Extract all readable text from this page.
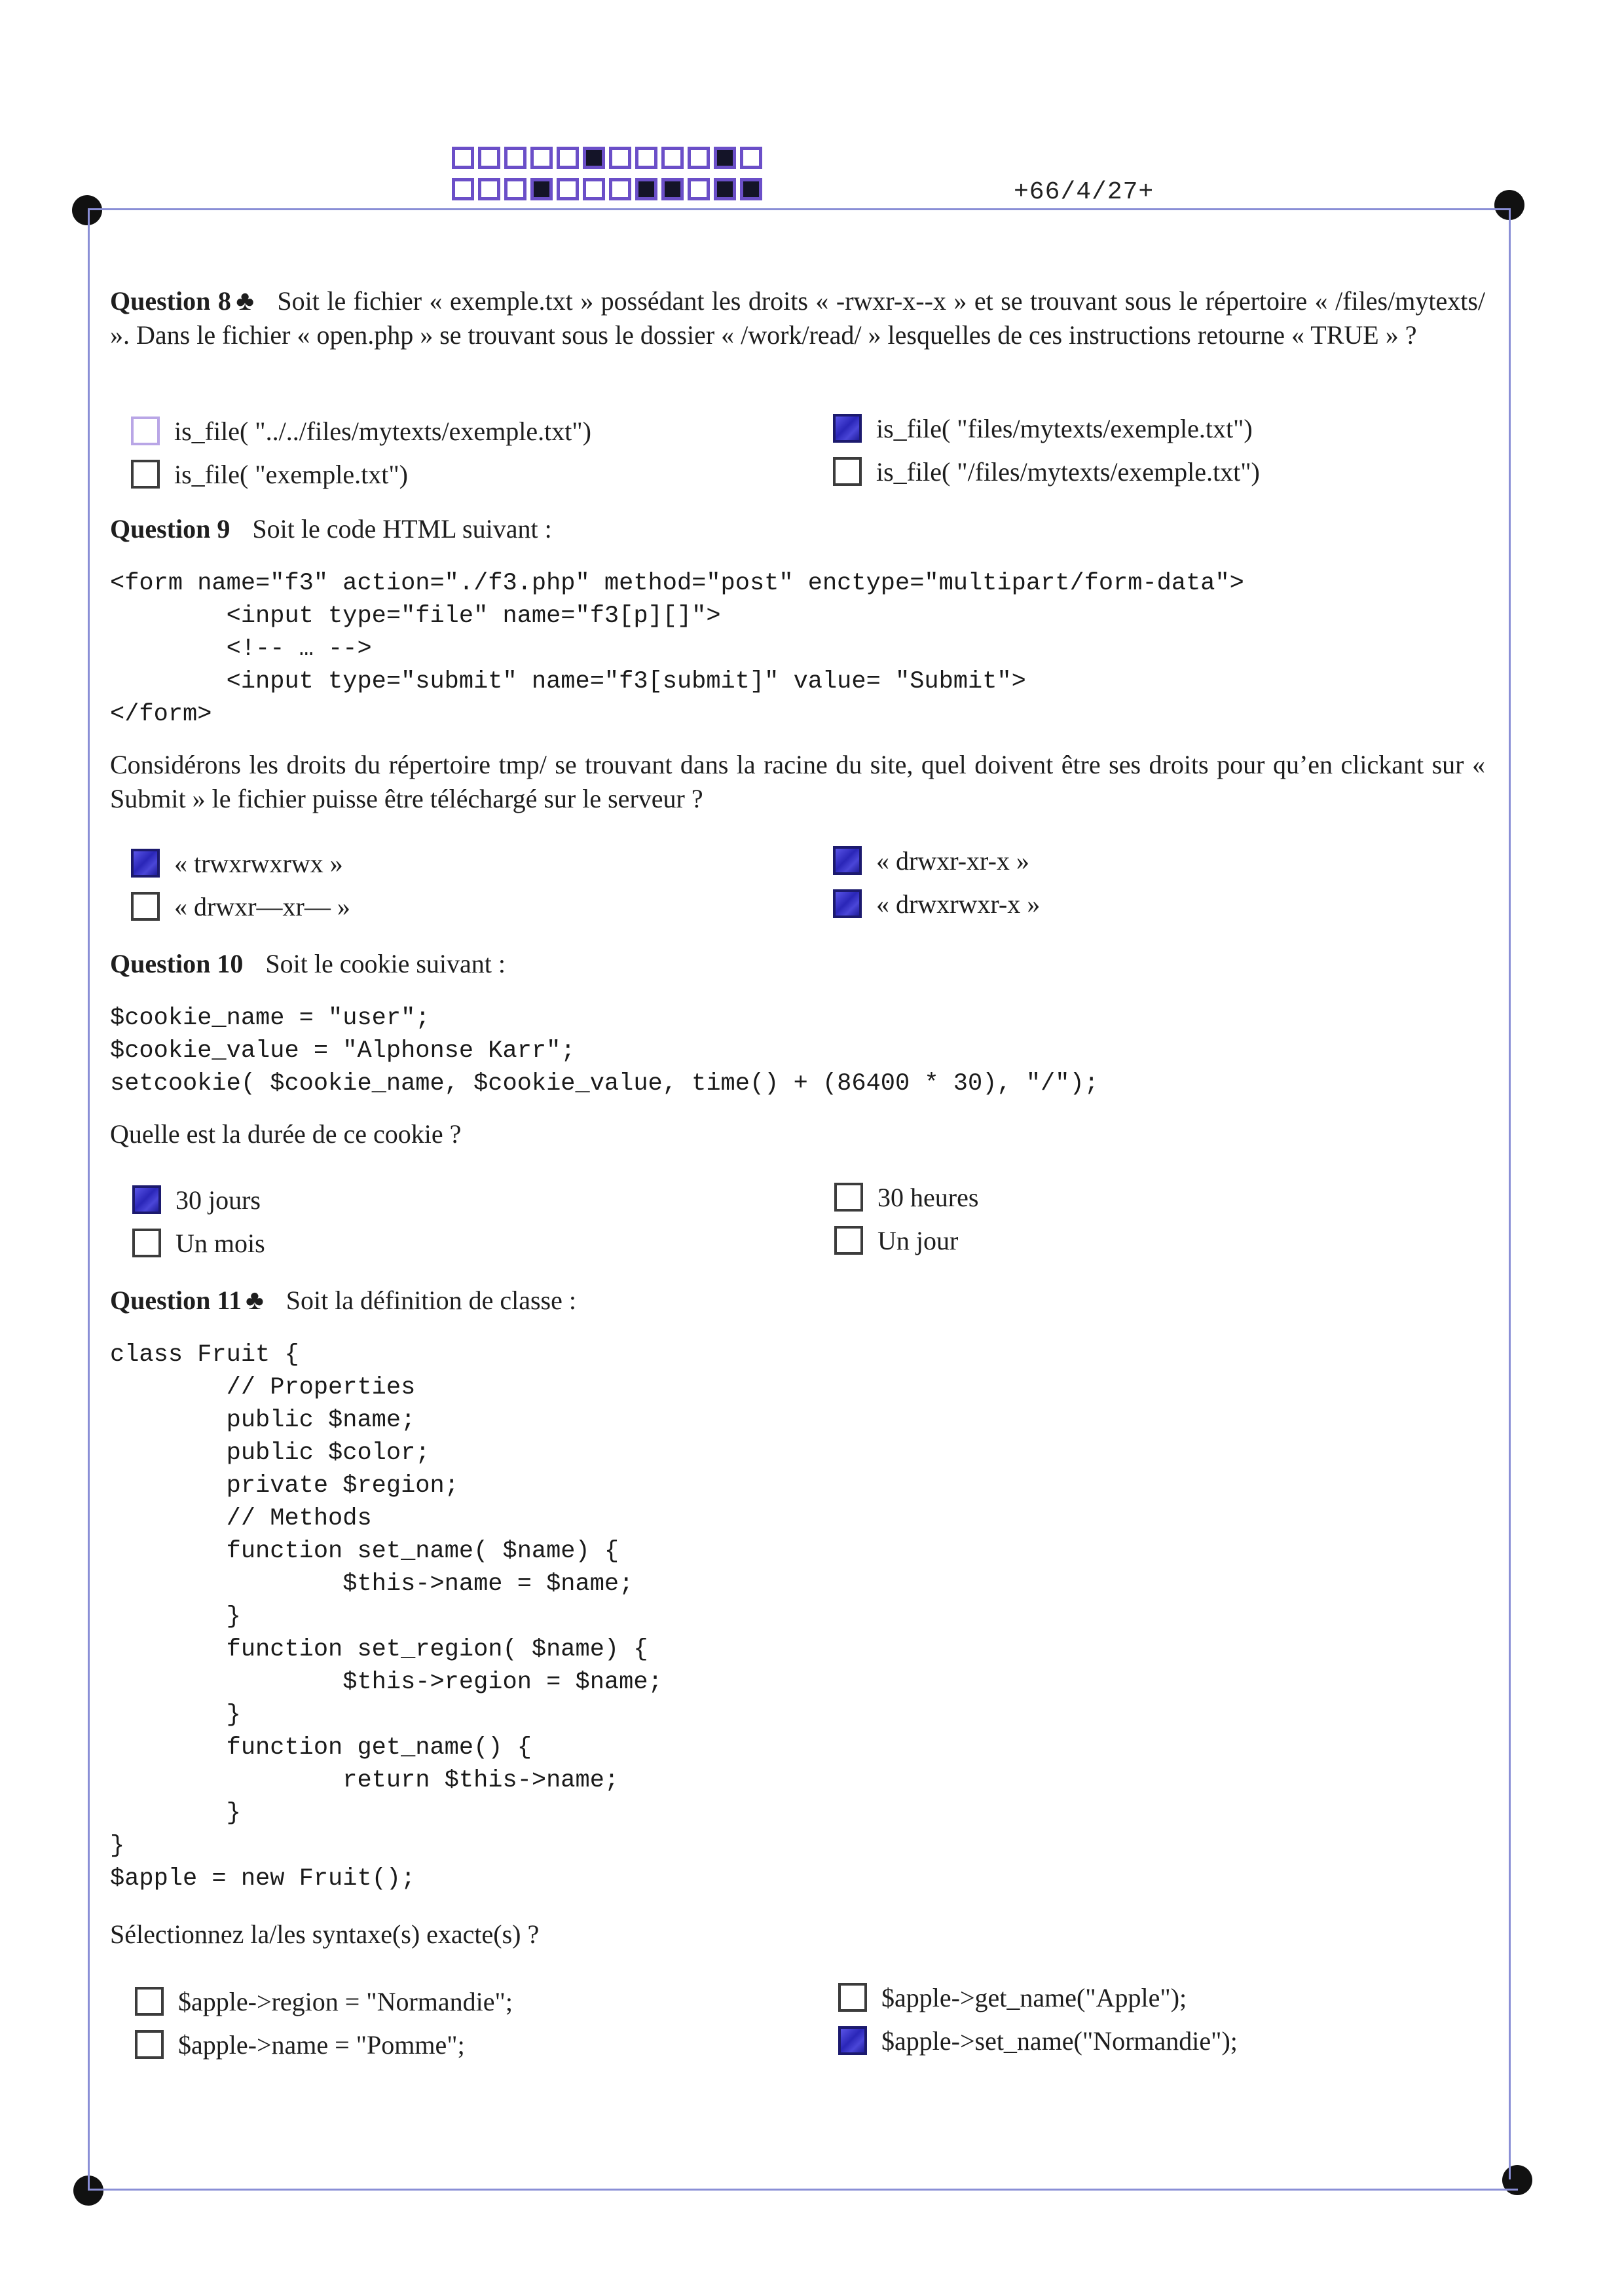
+66/4/27+
Question 8 ♣ Soit le fichier « exemple.txt » possédant les droits « -rwxr-x--x » et se trouvant sous le répertoire « /files/mytexts/ ». Dans le fichier « open.php » se trouvant sous le dossier « /work/read/ » lesquelles de ces instructions retourne « TRUE » ?
is_file( "../../files/mytexts/exemple.txt")	is_file( "files/mytexts/exemple.txt")
is_file( "exemple.txt")	is_file( "/files/mytexts/exemple.txt")
Question 9 Soit le code HTML suivant :
<form name="f3" action="./f3.php" method="post" enctype="multipart/form-data">
<input type="file" name="f3[p][]">
<!-- … -->
<input type="submit" name="f3[submit]" value= "Submit">
</form>
Considérons les droits du répertoire tmp/ se trouvant dans la racine du site, quel doivent être ses droits pour qu’en clickant sur « Submit » le fichier puisse être téléchargé sur le serveur ?
« trwxrwxrwx »	« drwxr-xr-x »
« drwxr—xr— »	« drwxrwxr-x »
Question 10 Soit le cookie suivant :
$cookie_name = "user";
$cookie_value = "Alphonse Karr";
setcookie( $cookie_name, $cookie_value, time() + (86400 * 30), "/");
Quelle est la durée de ce cookie ?
30 jours	30 heures
Un mois	Un jour
Question 11 ♣ Soit la définition de classe :
class Fruit {
// Properties
public $name;
public $color;
private $region;
// Methods
function set_name( $name) {
$this->name = $name;
}
function set_region( $name) {
$this->region = $name;
}
function get_name() {
return $this->name;
}
}
$apple = new Fruit();
Sélectionnez la/les syntaxe(s) exacte(s) ?
$apple->region = "Normandie";	$apple->get_name("Apple");
$apple->name = "Pomme";	$apple->set_name("Normandie");
